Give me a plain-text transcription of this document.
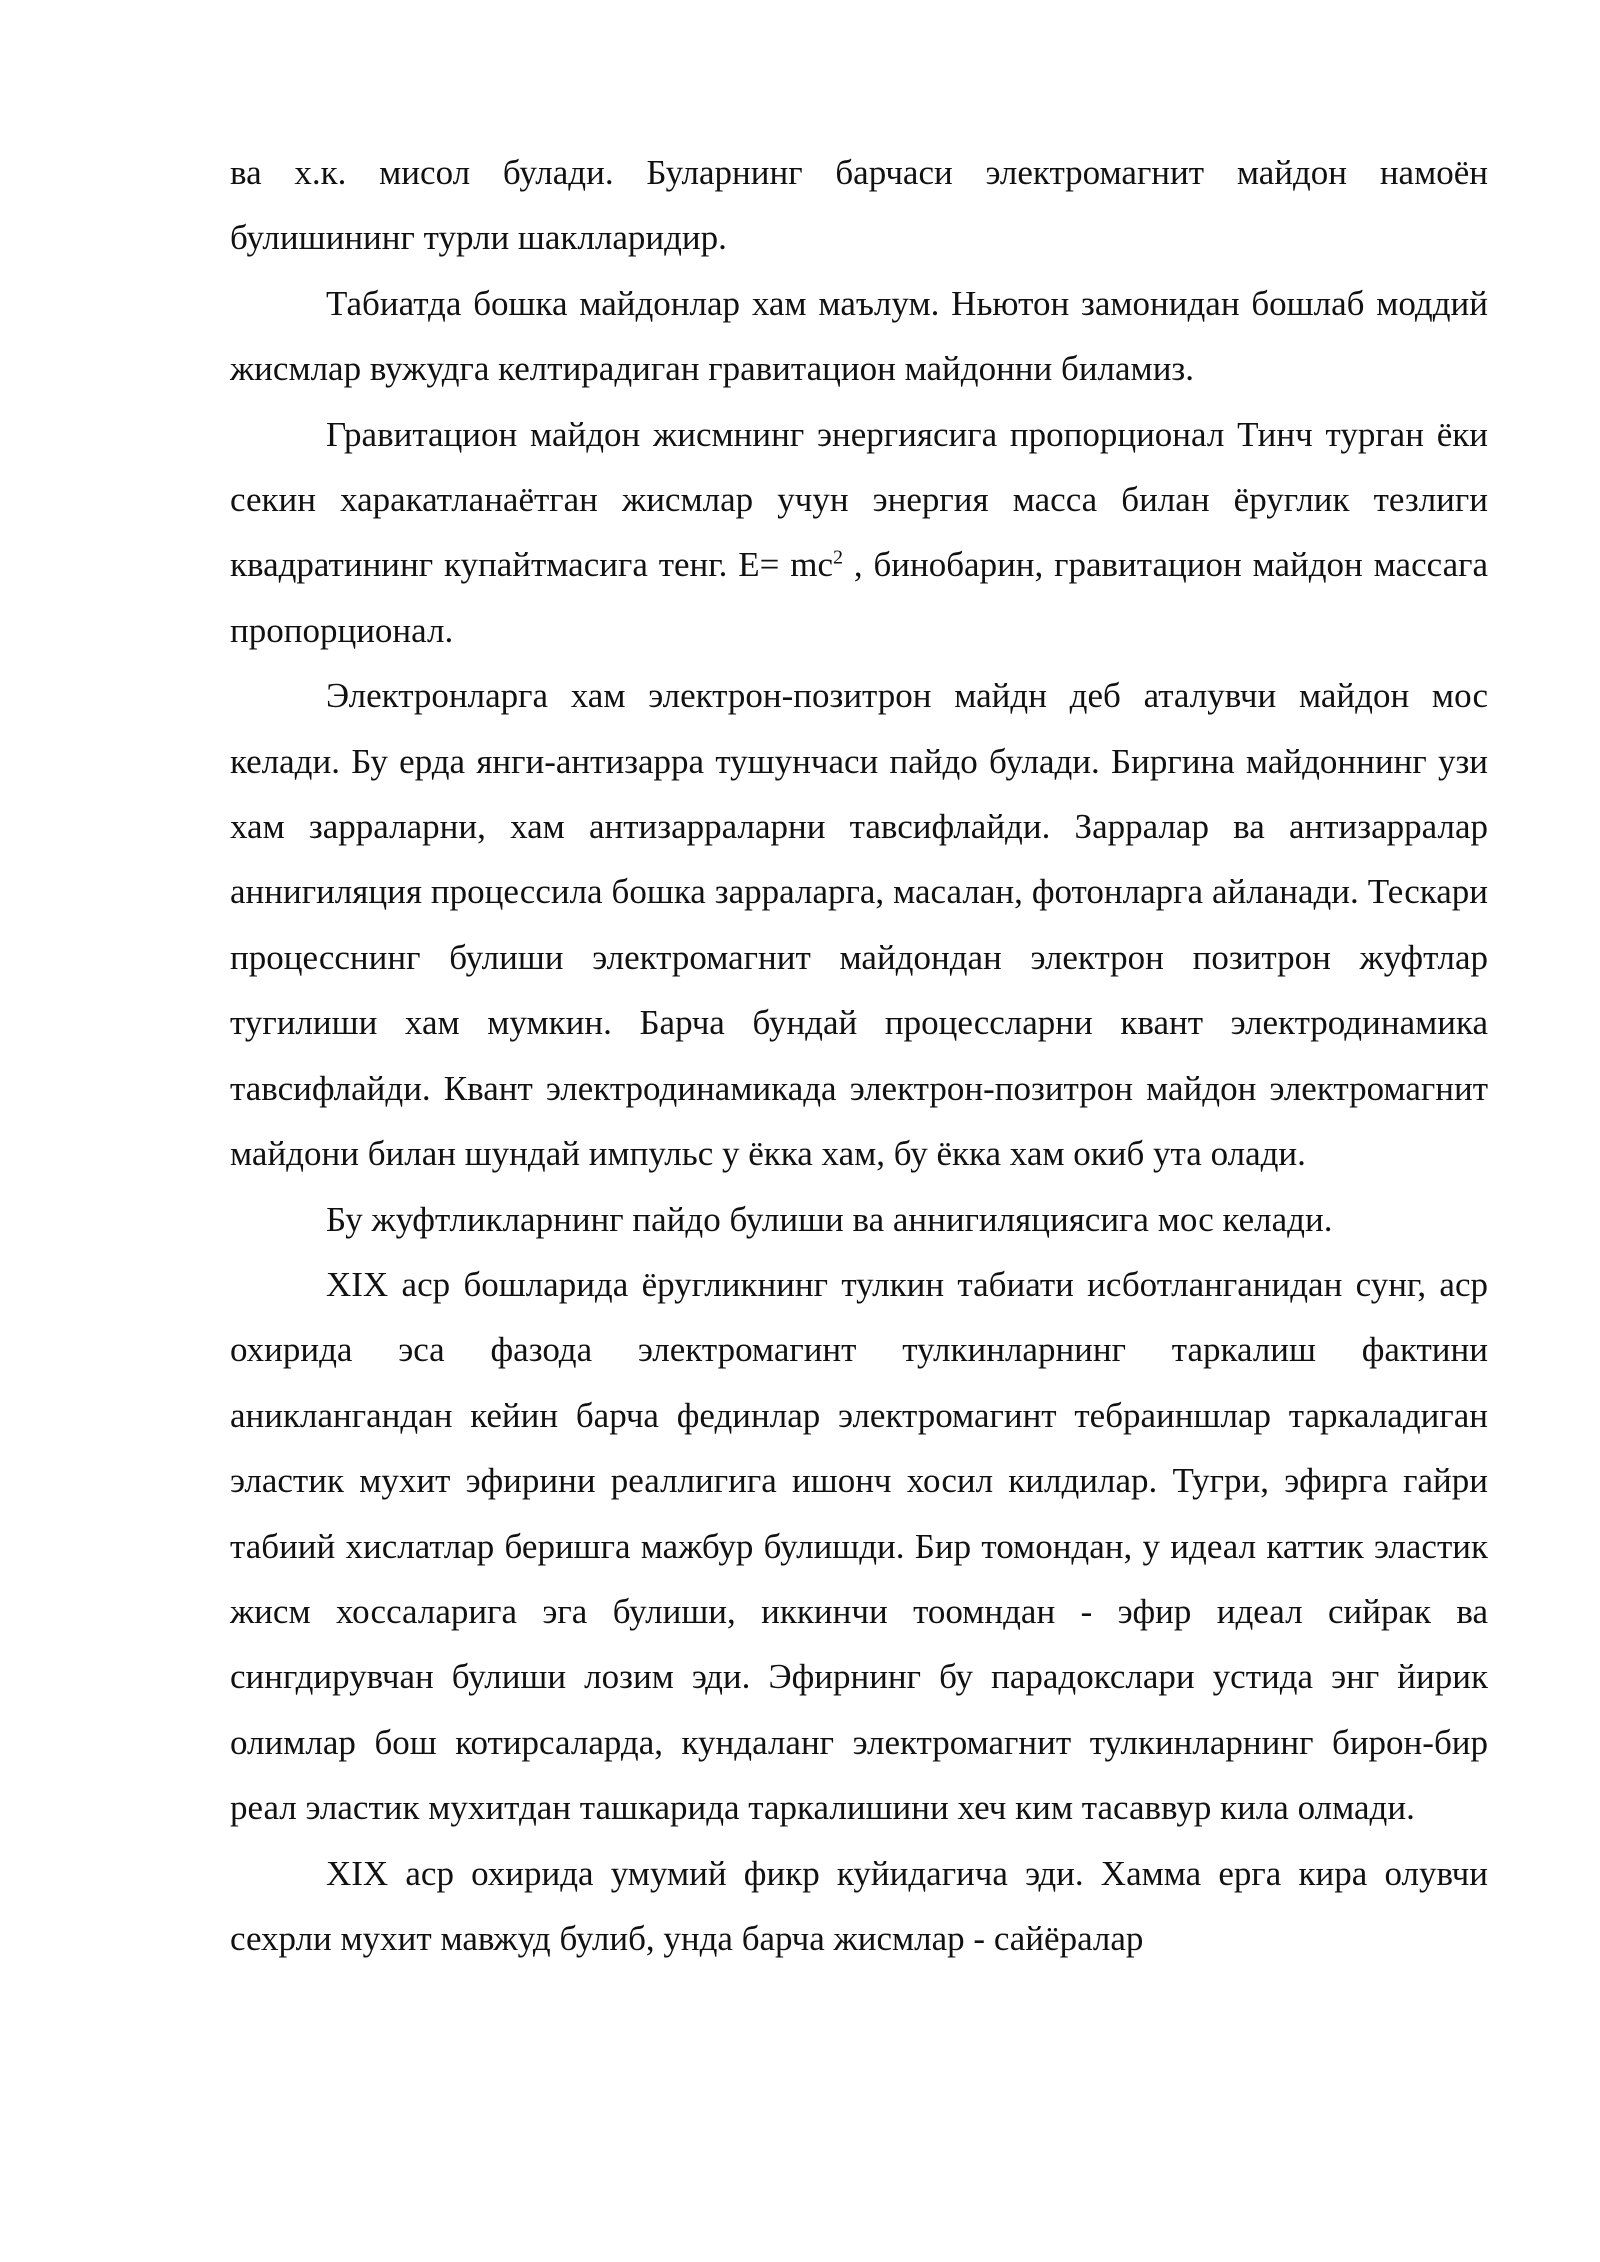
ва х.к. мисол булади. Буларнинг барчаси электромагнит майдон намоён булишининг турли шаклларидир.

Табиатда бошка майдонлар хам маълум. Ньютон замонидан бошлаб моддий жисмлар вужудга келтирадиган гравитацион майдонни биламиз.

Гравитацион майдон жисмнинг энергиясига пропорционал Тинч турган ёки секин харакатланаётган жисмлар учун энергия масса билан ёруглик тезлиги квадратининг купайтмасига тенг. $E= mc^2$ , бинобарин, гравитацион майдон массага пропорционал.

Электронларга хам электрон-позитрон майдн деб аталувчи майдон мос келади. Бу ерда янги-антизарра тушунчаси пайдо булади. Биргина майдоннинг узи хам зарраларни, хам антизарраларни тавсифлайди. Зарралар ва антизарралар аннигиляция процессила бошка зарраларга, масалан, фотонларга айланади. Тескари процесснинг булиши электромагнит майдондан электрон позитрон жуфтлар тугилиши хам мумкин. Барча бундай процессларни квант электродинамика тавсифлайди. Квант электродинамикада электрон-позитрон майдон электромагнит майдони билан шундай импульс у ёкка хам, бу ёкка хам окиб ута олади.

Бу жуфтликларнинг пайдо булиши ва аннигиляциясига мос келади.

XIX аср бошларида ёругликнинг тулкин табиати исботланганидан сунг, аср охирида эса фазода электромагинт тулкинларнинг таркалиш фактини аниклангандан кейин барча фединлар электромагинт тебраиншлар таркаладиган эластик мухит эфирини реаллигига ишонч хосил килдилар. Тугри, эфирга гайри табиий хислатлар беришга мажбур булишди. Бир томондан, у идеал каттик эластик жисм хоссаларига эга булиши, иккинчи тоомндан - эфир идеал сийрак ва сингдирувчан булиши лозим эди. Эфирнинг бу парадокслари устида энг йирик олимлар бош котирсаларда, кундаланг электромагнит тулкинларнинг бирон-бир реал эластик мухитдан ташкарида таркалишини хеч ким тасаввур кила олмади.

XIX аср охирида умумий фикр куйидагича эди. Хамма ерга кира олувчи сехрли мухит мавжуд булиб, унда барча жисмлар - сайёралар
